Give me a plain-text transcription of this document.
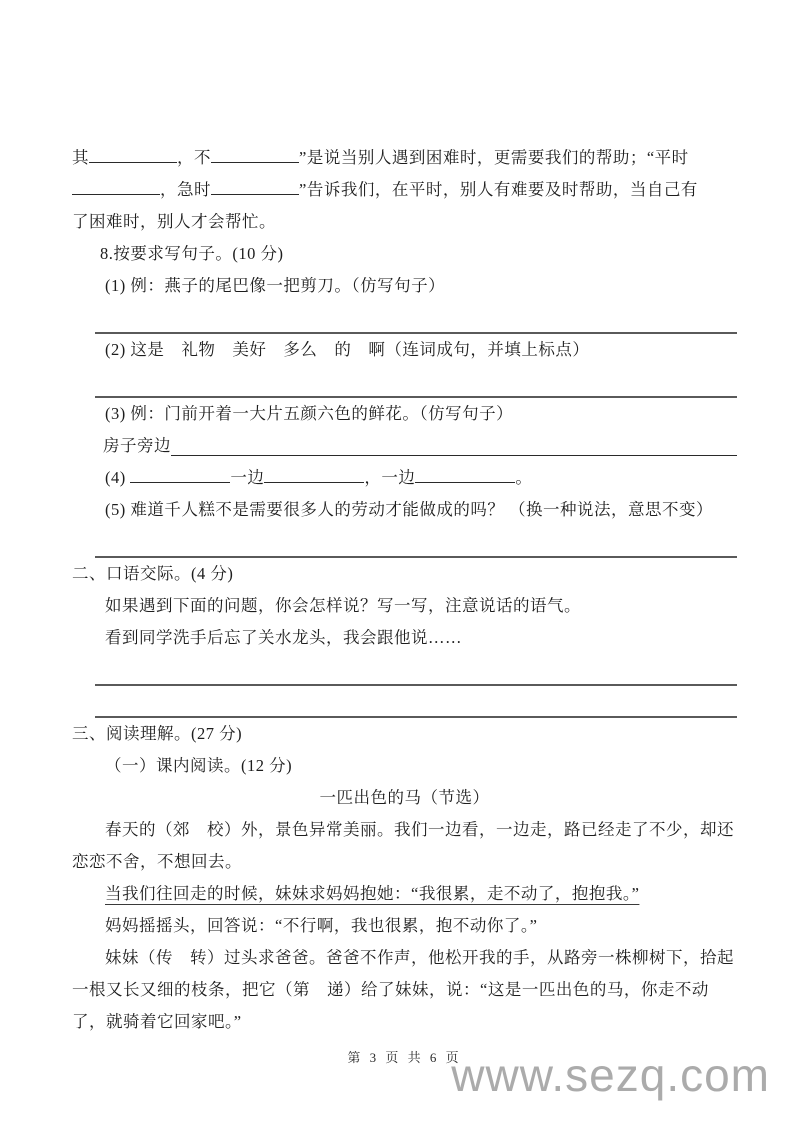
其	，不	”是说当别人遇到困难时，更需要我们的帮助；“平时
，急时	”告诉我们，在平时，别人有难要及时帮助，当自己有
了困难时，别人才会帮忙。
8.按要求写句子。(10 分)
(1) 例：燕子的尾巴像一把剪刀。（仿写句子）
(2) 这是　礼物　美好　多么　的　啊（连词成句，并填上标点）
(3) 例：门前开着一大片五颜六色的鲜花。（仿写句子）
房子旁边
(4)	一边	，一边	。
(5) 难道千人糕不是需要很多人的劳动才能做成的吗？ （换一种说法，意思不变）
二、口语交际。(4 分)
如果遇到下面的问题，你会怎样说？写一写，注意说话的语气。
看到同学洗手后忘了关水龙头，我会跟他说……
三、阅读理解。(27 分)
（一）课内阅读。(12 分)
一匹出色的马（节选）
春天的（郊　校）外，景色异常美丽。我们一边看，一边走，路已经走了不少，却还恋恋不舍，不想回去。
当我们往回走的时候，妹妹求妈妈抱她：“我很累，走不动了，抱抱我。”
妈妈摇摇头，回答说：“不行啊，我也很累，抱不动你了。”
妹妹（传　转）过头求爸爸。爸爸不作声，他松开我的手，从路旁一株柳树下，拾起一根又长又细的枝条，把它（第　递）给了妹妹，说：“这是一匹出色的马，你走不动了，就骑着它回家吧。”
第 3 页 共 6 页
www.sezq.com
